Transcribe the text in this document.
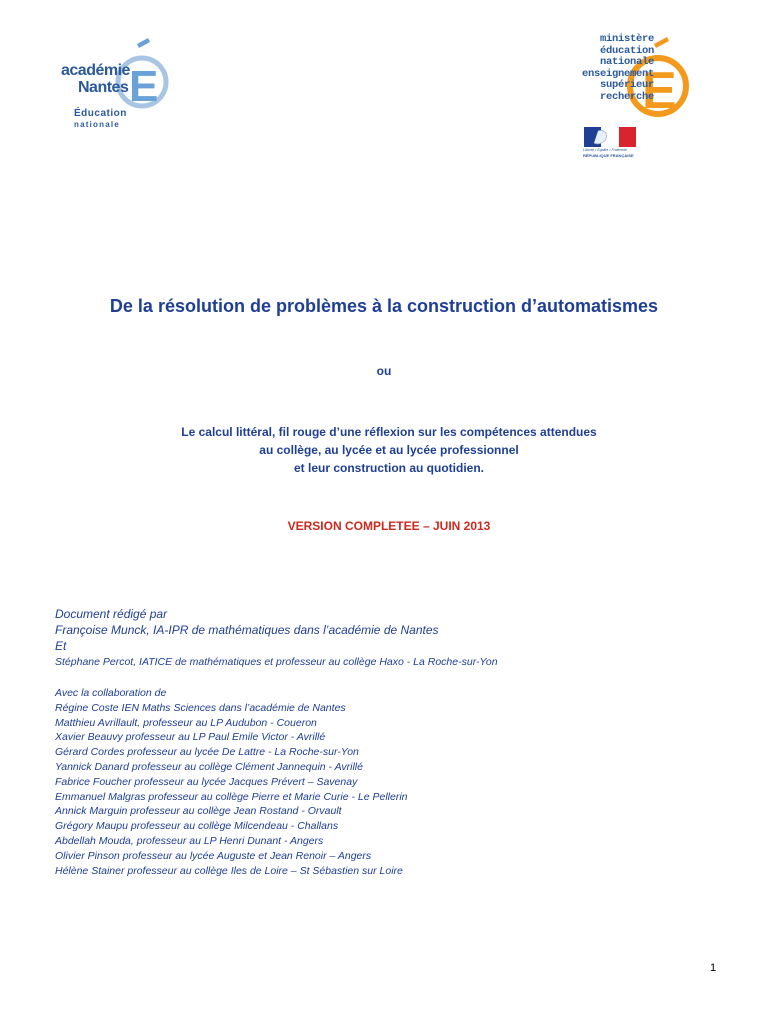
E
académie
Nantes
Éducation
nationale
E
ministère
éducation
nationale
enseignement
supérieur
recherche
Liberté • Égalité • Fraternité
RÉPUBLIQUE FRANÇAISE
De la résolution de problèmes à la construction d’automatismes
ou
Le calcul littéral, fil rouge d’une réflexion sur les compétences attendues
au collège, au lycée et au lycée professionnel
et leur construction au quotidien.
VERSION COMPLETEE – JUIN 2013

Document rédigé par

Françoise Munck, IA-IPR de mathématiques dans l’académie de Nantes

Et

Stéphane Percot, IATICE de mathématiques et professeur au collège Haxo - La Roche-sur-Yon

Avec la collaboration de
Régine Coste IEN Maths Sciences dans l’académie de Nantes
Matthieu Avrillault, professeur au LP Audubon - Coueron
Xavier Beauvy professeur au LP Paul Emile Victor - Avrillé
Gérard Cordes professeur au lycée De Lattre - La Roche-sur-Yon
Yannick Danard professeur au collège Clément Jannequin - Avrillé
Fabrice Foucher professeur au lycée Jacques Prévert – Savenay
Emmanuel Malgras professeur au collège Pierre et Marie Curie - Le Pellerin
Annick Marguin professeur au collège Jean Rostand - Orvault
Grégory Maupu professeur au collège Milcendeau - Challans
Abdellah Mouda, professeur au LP Henri Dunant - Angers
Olivier Pinson professeur au lycée Auguste et Jean Renoir – Angers
Hélène Stainer professeur au collège Iles de Loire – St Sébastien sur Loire
1
